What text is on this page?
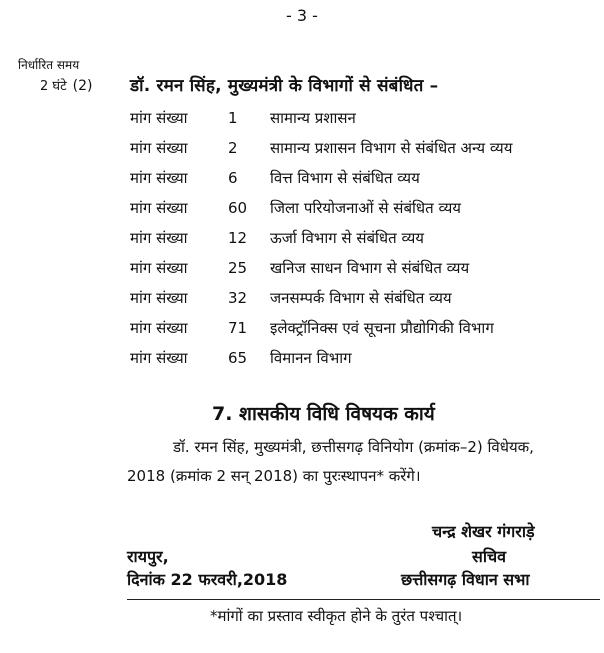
- 3 -
निर्धारित समय
2 घंटे (2) डॉ. रमन सिंह, मुख्यमंत्री के विभागों से संबंधित –
मांग संख्या	1	सामान्य प्रशासन
मांग संख्या	2	सामान्य प्रशासन विभाग से संबंधित अन्य व्यय
मांग संख्या	6	वित्त विभाग से संबंधित व्यय
मांग संख्या	60	जिला परियोजनाओं से संबंधित व्यय
मांग संख्या	12	ऊर्जा विभाग से संबंधित व्यय
मांग संख्या	25	खनिज साधन विभाग से संबंधित व्यय
मांग संख्या	32	जनसम्पर्क विभाग से संबंधित व्यय
मांग संख्या	71	इलेक्ट्रॉनिक्स एवं सूचना प्रौद्योगिकी विभाग
मांग संख्या	65	विमानन विभाग
7. शासकीय विधि विषयक कार्य
डॉ. रमन सिंह, मुख्यमंत्री, छत्तीसगढ़ विनियोग (क्रमांक–2) विधेयक,
2018 (क्रमांक 2 सन् 2018) का पुरःस्थापन* करेंगे।
चन्द्र शेखर गंगराड़े
सचिव
छत्तीसगढ़ विधान सभा
रायपुर,
दिनांक 22 फरवरी,2018
*मांगों का प्रस्ताव स्वीकृत होने के तुरंत पश्चात्।
